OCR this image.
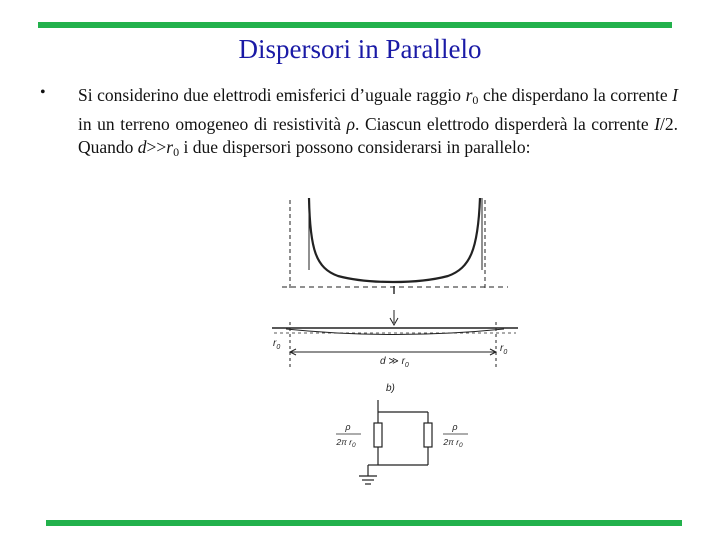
Dispersori in Parallelo
• Si considerino due elettrodi emisferici d’uguale raggio $r_0$ che disperdano la corrente I in un terreno omogeneo di resistività ρ. Ciascun elettrodo disperderà la corrente I/2. Quando $d>>r_0$ i due dispersori possono considerarsi in parallelo:
$r_0$	$r_0$
d ≫ $r_0$
b)
ρ
2π $r_0$
ρ
2π $r_0$
